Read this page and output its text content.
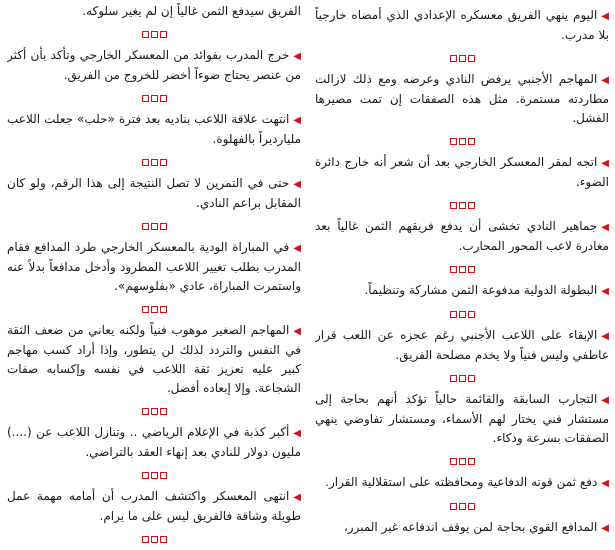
◀اليوم ينهي الفريق معسكره الإعدادي الذي أمضاه خارجياً بلا مدرب.

◀المهاجم الأجنبي يرفض النادي وعرضه ومع ذلك لازالت مطاردته مستمرة. مثل هذه الصفقات إن تمت مصيرها الفشل.

◀اتجه لمقر المعسكر الخارجي بعد أن شعر أنه خارج دائرة الضوء.

◀جماهير النادي تخشى أن يدفع فريقهم الثمن غالياً بعد مغادرة لاعب المحور المحارب.

◀البطولة الدولية مدفوعة الثمن مشاركة وتنظيماً.

◀الإبقاء على اللاعب الأجنبي رغم عجزه عن اللعب قرار عاطفي وليس فنياً ولا يخدم مصلحة الفريق.

◀التجارب السابقة والقائمة حالياً تؤكد أنهم بحاجة إلى مستشار فني يختار لهم الأسماء، ومستشار تفاوضي ينهي الصفقات بسرعة وذكاء.

◀دفع ثمن قوته الدفاعية ومحافظته على استقلالية القرار.

◀المدافع القوي بحاجة لمن يوقف اندفاعه غير المبرر،

الفريق سيدفع الثمن غالياً إن لم يغير سلوكه.

◀خرج المدرب بفوائد من المعسكر الخارجي وتأكد بأن أكثر من عنصر يحتاج ضوءاً أخضر للخروج من الفريق.

◀انتهت علاقة اللاعب بناديه بعد فترة «حلب» جعلت اللاعب مليارديراً بالفهلوة.

◀حتى في التمرين لا تصل النتيجة إلى هذا الرقم، ولو كان المقابل براعم النادي.

◀في المباراة الودية بالمعسكر الخارجي طرد المدافع فقام المدرب بطلب تغيير اللاعب المطرود وأدخل مدافعاً بدلاً عنه واستمرت المباراة، عادي «بفلوسهم».

◀المهاجم الصغير موهوب فنياً ولكنه يعاني من ضعف الثقة في النفس والتردد لذلك لن يتطور، وإذا أراد كسب مهاجم كبير عليه تعزيز ثقة اللاعب في نفسه وإكسابه صفات الشجاعة. وإلا إبعاده أفضل.

◀أكبر كذبة في الإعلام الرياضي .. وتنازل اللاعب عن (....) مليون دولار للنادي بعد إنهاء العقد بالتراضي.

◀انتهى المعسكر واكتشف المدرب أن أمامه مهمة عمل طويلة وشاقة فالفريق ليس على ما يرام.
